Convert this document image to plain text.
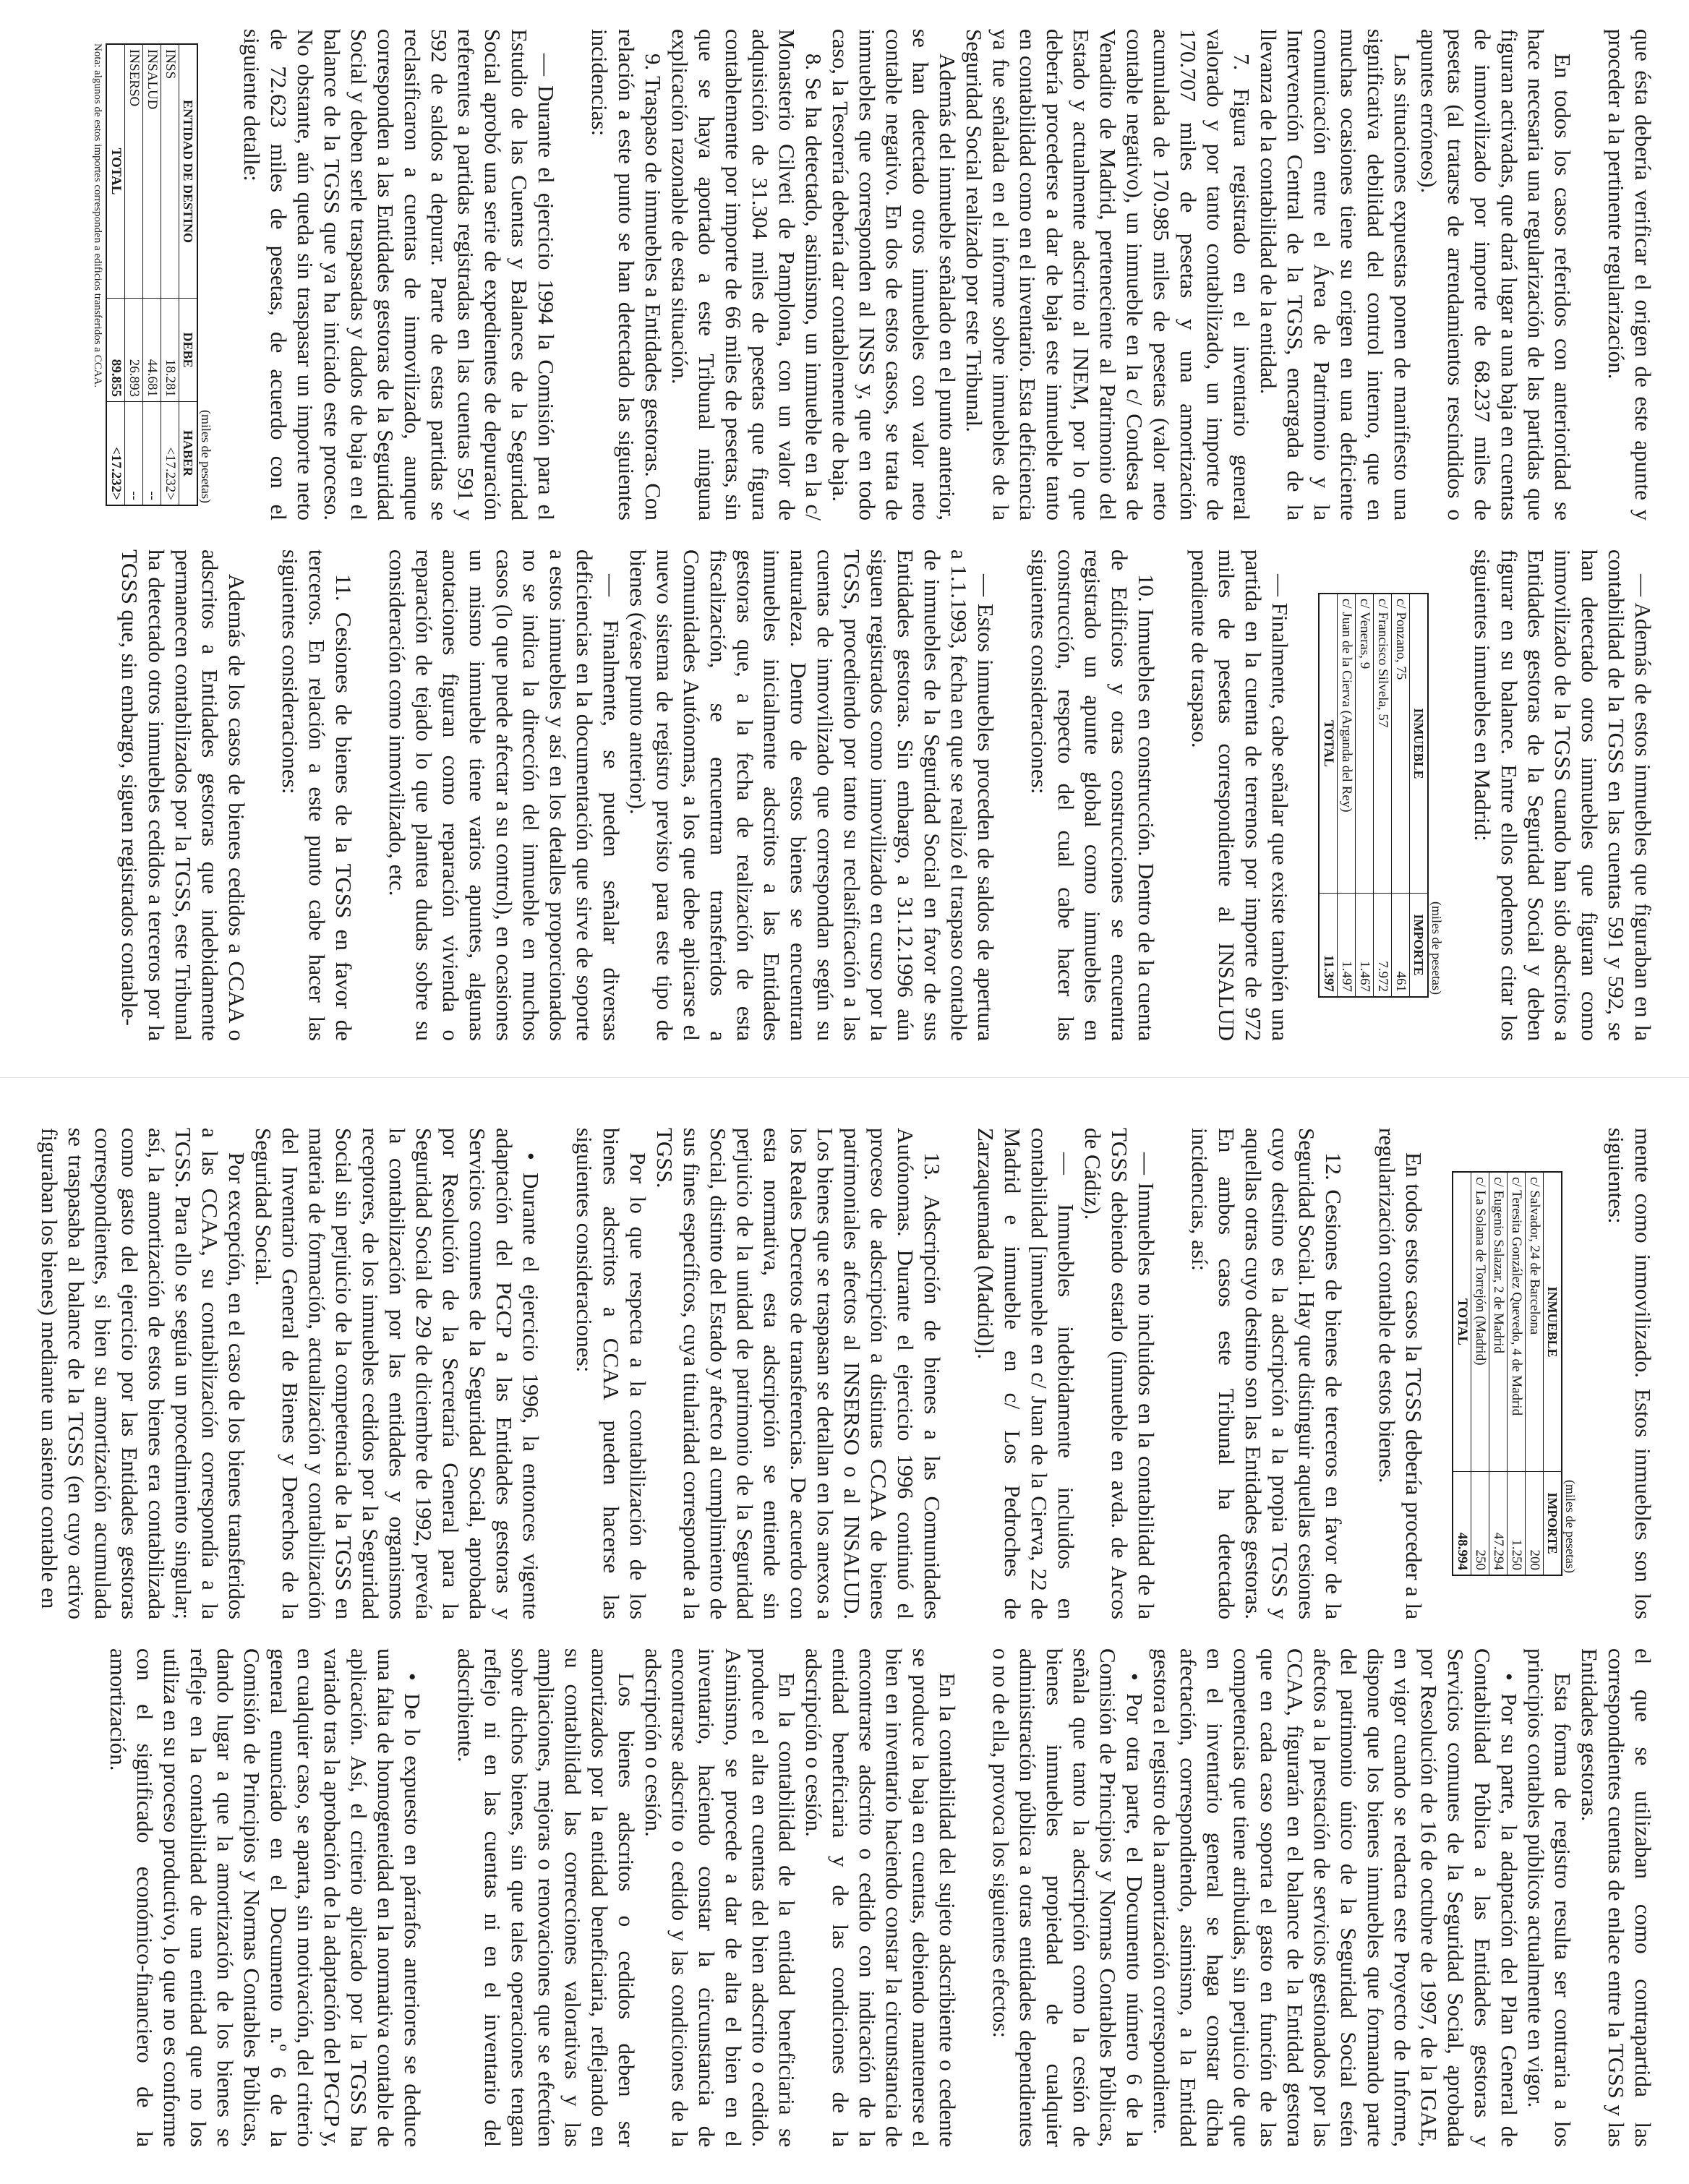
que ésta debería verificar el origen de este apunte y proceder a la pertinente regularización.

En todos los casos referidos con anterioridad se hace necesaria una regularización de las partidas que figuran activadas, que dará lugar a una baja en cuentas de inmovilizado por importe de 68.237 miles de pesetas (al tratarse de arrendamientos rescindidos o apuntes erróneos).

Las situaciones expuestas ponen de manifiesto una significativa debilidad del control interno, que en muchas ocasiones tiene su origen en una deficiente comunicación entre el Área de Patrimonio y la Intervención Central de la TGSS, encargada de la llevanza de la contabilidad de la entidad.

7. Figura registrado en el inventario general valorado y por tanto contabilizado, un importe de 170.707 miles de pesetas y una amortización acumulada de 170.985 miles de pesetas (valor neto contable negativo), un inmueble en la c/ Condesa de Venadito de Madrid, perteneciente al Patrimonio del Estado y actualmente adscrito al INEM, por lo que debería procederse a dar de baja este inmueble tanto en contabilidad como en el inventario. Esta deficiencia ya fue señalada en el informe sobre inmuebles de la Seguridad Social realizado por este Tribunal.

Además del inmueble señalado en el punto anterior, se han detectado otros inmuebles con valor neto contable negativo. En dos de estos casos, se trata de inmuebles que corresponden al INSS y, que en todo caso, la Tesorería debería dar contablemente de baja.

8. Se ha detectado, asimismo, un inmueble en la c/ Monasterio Cilveti de Pamplona, con un valor de adquisición de 31.304 miles de pesetas que figura contablemente por importe de 66 miles de pesetas, sin que se haya aportado a este Tribunal ninguna explicación razonable de esta situación.

9. Traspaso de inmuebles a Entidades gestoras. Con relación a este punto se han detectado las siguientes incidencias:

— Durante el ejercicio 1994 la Comisión para el Estudio de las Cuentas y Balances de la Seguridad Social aprobó una serie de expedientes de depuración referentes a partidas registradas en las cuentas 591 y 592 de saldos a depurar. Parte de estas partidas se reclasificaron a cuentas de inmovilizado, aunque corresponden a las Entidades gestoras de la Seguridad Social y deben serle traspasadas y dados de baja en el balance de la TGSS que ya ha iniciado este proceso. No obstante, aún queda sin traspasar un importe neto de 72.623 miles de pesetas, de acuerdo con el siguiente detalle:

(miles de pesetas)
ENTIDAD DE DESTINO	DEBE	HABER
INSS	18.281	<17.232>
INSALUD	44.681	--
INSERSO	26.893	--
TOTAL	89.855	<17.232>
Nota: algunos de estos importes corresponden a edificios transferidos a CCAA.

— Además de estos inmuebles que figuraban en la contabilidad de la TGSS en las cuentas 591 y 592, se han detectado otros inmuebles que figuran como inmovilizado de la TGSS cuando han sido adscritos a Entidades gestoras de la Seguridad Social y deben figurar en su balance. Entre ellos podemos citar los siguientes inmuebles en Madrid:

(miles de pesetas)
INMUEBLE	IMPORTE
c/ Ponzano, 75	461
c/ Francisco Silvela, 57	7.972
c/ Veneras, 9	1.467
c/ Juan de la Cierva (Arganda del Rey)	1.497
TOTAL	11.397

— Finalmente, cabe señalar que existe también una partida en la cuenta de terrenos por importe de 972 miles de pesetas correspondiente al INSALUD pendiente de traspaso.

10. Inmuebles en construcción. Dentro de la cuenta de Edificios y otras construcciones se encuentra registrado un apunte global como inmuebles en construcción, respecto del cual cabe hacer las siguientes consideraciones:

— Estos inmuebles proceden de saldos de apertura a 1.1.1993, fecha en que se realizó el traspaso contable de inmuebles de la Seguridad Social en favor de sus Entidades gestoras. Sin embargo, a 31.12.1996 aún siguen registrados como inmovilizado en curso por la TGSS, procediendo por tanto su reclasificación a las cuentas de inmovilizado que correspondan según su naturaleza. Dentro de estos bienes se encuentran inmuebles inicialmente adscritos a las Entidades gestoras que, a la fecha de realización de esta fiscalización, se encuentran transferidos a Comunidades Autónomas, a los que debe aplicarse el nuevo sistema de registro previsto para este tipo de bienes (véase punto anterior).

— Finalmente, se pueden señalar diversas deficiencias en la documentación que sirve de soporte a estos inmuebles y así en los detalles proporcionados no se indica la dirección del inmueble en muchos casos (lo que puede afectar a su control), en ocasiones un mismo inmueble tiene varios apuntes, algunas anotaciones figuran como reparación vivienda o reparación de tejado lo que plantea dudas sobre su consideración como inmovilizado, etc.

11. Cesiones de bienes de la TGSS en favor de terceros. En relación a este punto cabe hacer las siguientes consideraciones:

Además de los casos de bienes cedidos a CCAA o adscritos a Entidades gestoras que indebidamente permanecen contabilizados por la TGSS, este Tribunal ha detectado otros inmuebles cedidos a terceros por la TGSS que, sin embargo, siguen registrados contable-

mente como inmovilizado. Estos inmuebles son los siguientes:

(miles de pesetas)
INMUEBLE	IMPORTE
c/ Salvador, 24 de Barcelona	200
c/ Teresita González Quevedo, 4 de Madrid	1.250
c/ Eugenio Salazar, 2 de Madrid	47.294
c/ La Solana de Torrejón (Madrid)	250
TOTAL	48.994

En todos estos casos la TGSS debería proceder a la regularización contable de estos bienes.

12. Cesiones de bienes de terceros en favor de la Seguridad Social. Hay que distinguir aquellas cesiones cuyo destino es la adscripción a la propia TGSS y aquellas otras cuyo destino son las Entidades gestoras. En ambos casos este Tribunal ha detectado incidencias, así:

— Inmuebles no incluidos en la contabilidad de la TGSS debiendo estarlo (inmueble en avda. de Arcos de Cádiz).

— Inmuebles indebidamente incluidos en contabilidad [inmueble en c/ Juan de la Cierva, 22 de Madrid e inmueble en c/ Los Pedroches de Zarzaquemada (Madrid)].

13. Adscripción de bienes a las Comunidades Autónomas. Durante el ejercicio 1996 continuó el proceso de adscripción a distintas CCAA de bienes patrimoniales afectos al INSERSO o al INSALUD. Los bienes que se traspasan se detallan en los anexos a los Reales Decretos de transferencias. De acuerdo con esta normativa, esta adscripción se entiende sin perjuicio de la unidad de patrimonio de la Seguridad Social, distinto del Estado y afecto al cumplimiento de sus fines específicos, cuya titularidad corresponde a la TGSS.

Por lo que respecta a la contabilización de los bienes adscritos a CCAA pueden hacerse las siguientes consideraciones:

•Durante el ejercicio 1996, la entonces vigente adaptación del PGCP a las Entidades gestoras y Servicios comunes de la Seguridad Social, aprobada por Resolución de la Secretaría General para la Seguridad Social de 29 de diciembre de 1992, preveía la contabilización por las entidades y organismos receptores, de los inmuebles cedidos por la Seguridad Social sin perjuicio de la competencia de la TGSS en materia de formación, actualización y contabilización del Inventario General de Bienes y Derechos de la Seguridad Social.

Por excepción, en el caso de los bienes transferidos a las CCAA, su contabilización correspondía a la TGSS. Para ello se seguía un procedimiento singular; así, la amortización de estos bienes era contabilizada como gasto del ejercicio por las Entidades gestoras correspondientes, si bien su amortización acumulada se traspasaba al balance de la TGSS (en cuyo activo figuraban los bienes) mediante un asiento contable en

el que se utilizaban como contrapartida las correspondientes cuentas de enlace entre la TGSS y las Entidades gestoras.

Esta forma de registro resulta ser contraria a los principios contables públicos actualmente en vigor.

•Por su parte, la adaptación del Plan General de Contabilidad Pública a las Entidades gestoras y Servicios comunes de la Seguridad Social, aprobada por Resolución de 16 de octubre de 1997, de la IGAE, en vigor cuando se redacta este Proyecto de Informe, dispone que los bienes inmuebles que formando parte del patrimonio único de la Seguridad Social estén afectos a la prestación de servicios gestionados por las CCAA, figurarán en el balance de la Entidad gestora que en cada caso soporta el gasto en función de las competencias que tiene atribuidas, sin perjuicio de que en el inventario general se haga constar dicha afectación, correspondiendo, asimismo, a la Entidad gestora el registro de la amortización correspondiente.

•Por otra parte, el Documento número 6 de la Comisión de Principios y Normas Contables Públicas, señala que tanto la adscripción como la cesión de bienes inmuebles propiedad de cualquier administración pública a otras entidades dependientes o no de ella, provoca los siguientes efectos:

En la contabilidad del sujeto adscribiente o cedente se produce la baja en cuentas, debiendo mantenerse el bien en inventario haciendo constar la circunstancia de encontrarse adscrito o cedido con indicación de la entidad beneficiaria y de las condiciones de la adscripción o cesión.

En la contabilidad de la entidad beneficiaria se produce el alta en cuentas del bien adscrito o cedido. Asimismo, se procede a dar de alta el bien en el inventario, haciendo constar la circunstancia de encontrarse adscrito o cedido y las condiciones de la adscripción o cesión.

Los bienes adscritos o cedidos deben ser amortizados por la entidad beneficiaria, reflejando en su contabilidad las correcciones valorativas y las ampliaciones, mejoras o renovaciones que se efectúen sobre dichos bienes, sin que tales operaciones tengan reflejo ni en las cuentas ni en el inventario del adscribiente.

•De lo expuesto en párrafos anteriores se deduce una falta de homogeneidad en la normativa contable de aplicación. Así, el criterio aplicado por la TGSS ha variado tras la aprobación de la adaptación del PGCP y, en cualquier caso, se aparta, sin motivación, del criterio general enunciado en el Documento n.º 6 de la Comisión de Principios y Normas Contables Públicas, dando lugar a que la amortización de los bienes se refleje en la contabilidad de una entidad que no los utiliza en su proceso productivo, lo que no es conforme con el significado económico-financiero de la amortización.
